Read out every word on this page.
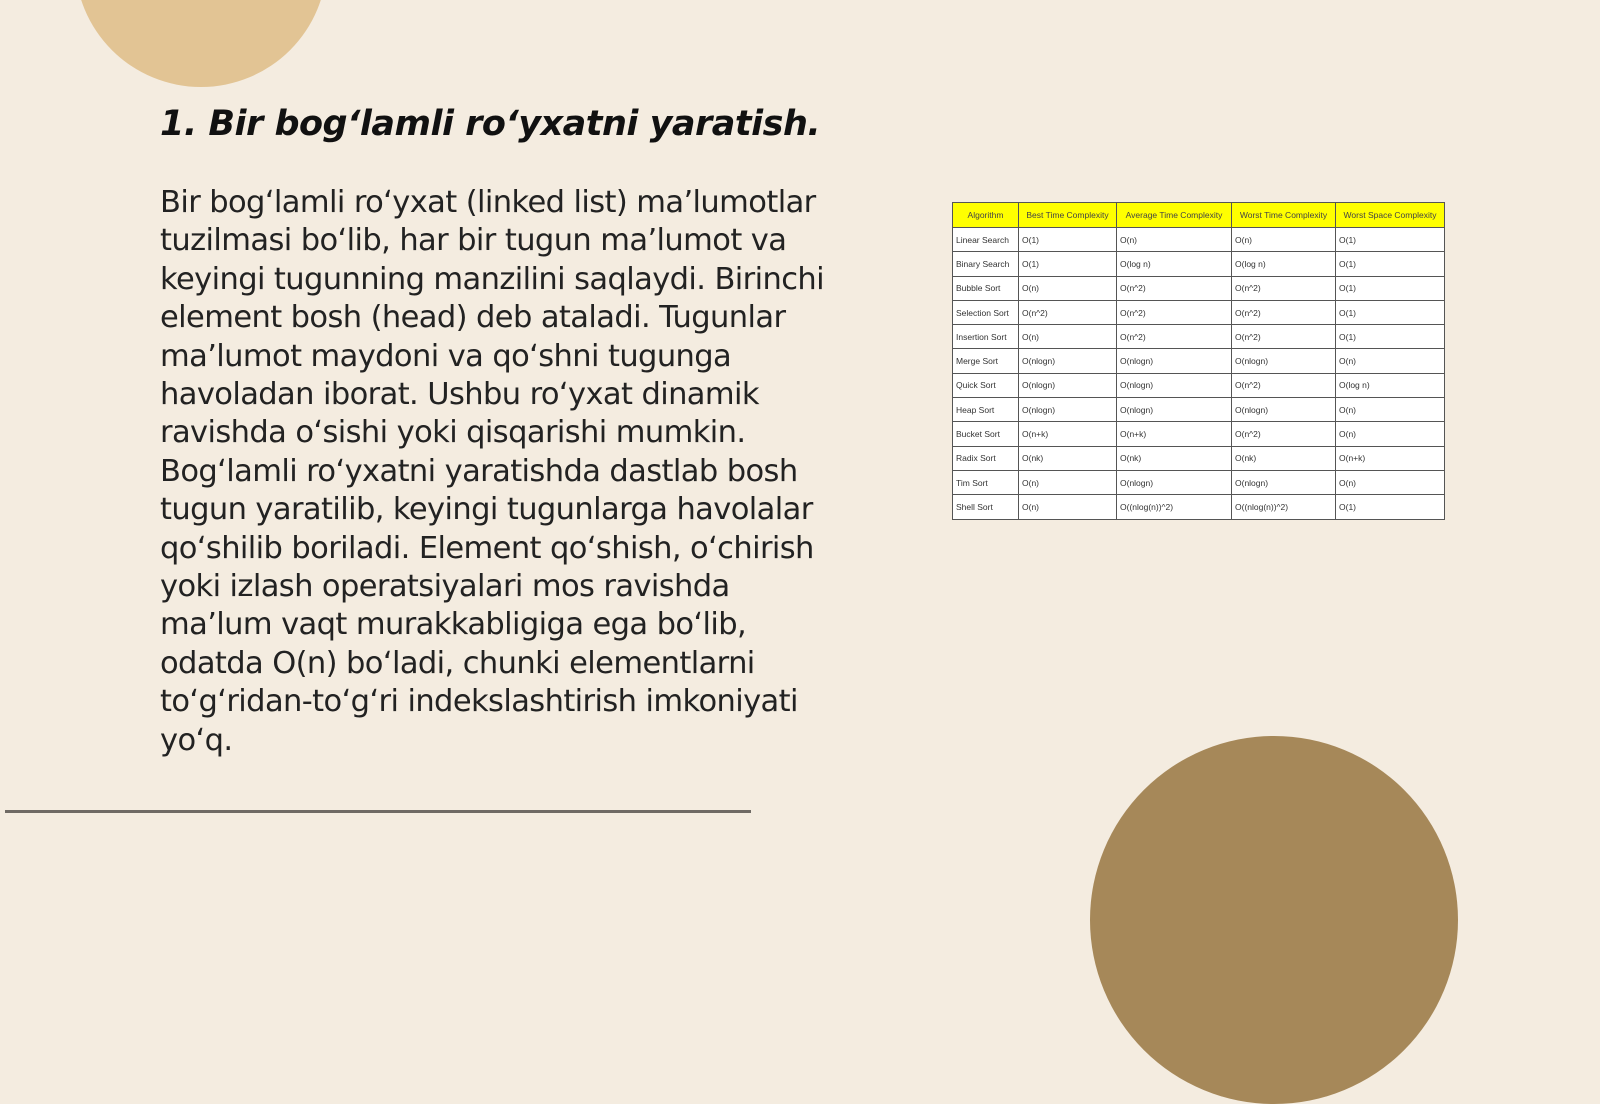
1. Bir bog‘lamli ro‘yxatni yaratish.

Bir bog‘lamli ro‘yxat (linked list) ma’lumotlar tuzilmasi bo‘lib, har bir tugun ma’lumot va keyingi tugunning manzilini saqlaydi. Birinchi element bosh (head) deb ataladi. Tugunlar ma’lumot maydoni va qo‘shni tugunga havoladan iborat. Ushbu ro‘yxat dinamik ravishda o‘sishi yoki qisqarishi mumkin. Bog‘lamli ro‘yxatni yaratishda dastlab bosh tugun yaratilib, keyingi tugunlarga havolalar qo‘shilib boriladi. Element qo‘shish, o‘chirish yoki izlash operatsiyalari mos ravishda ma’lum vaqt murakkabligiga ega bo‘lib, odatda O(n) bo‘ladi, chunki elementlarni to‘g‘ridan-to‘g‘ri indekslashtirish imkoniyati yo‘q.

Algorithm	Best Time Complexity	Average Time Complexity	Worst Time Complexity	Worst Space Complexity
Linear Search	O(1)	O(n)	O(n)	O(1)
Binary Search	O(1)	O(log n)	O(log n)	O(1)
Bubble Sort	O(n)	O(n^2)	O(n^2)	O(1)
Selection Sort	O(n^2)	O(n^2)	O(n^2)	O(1)
Insertion Sort	O(n)	O(n^2)	O(n^2)	O(1)
Merge Sort	O(nlogn)	O(nlogn)	O(nlogn)	O(n)
Quick Sort	O(nlogn)	O(nlogn)	O(n^2)	O(log n)
Heap Sort	O(nlogn)	O(nlogn)	O(nlogn)	O(n)
Bucket Sort	O(n+k)	O(n+k)	O(n^2)	O(n)
Radix Sort	O(nk)	O(nk)	O(nk)	O(n+k)
Tim Sort	O(n)	O(nlogn)	O(nlogn)	O(n)
Shell Sort	O(n)	O((nlog(n))^2)	O((nlog(n))^2)	O(1)
